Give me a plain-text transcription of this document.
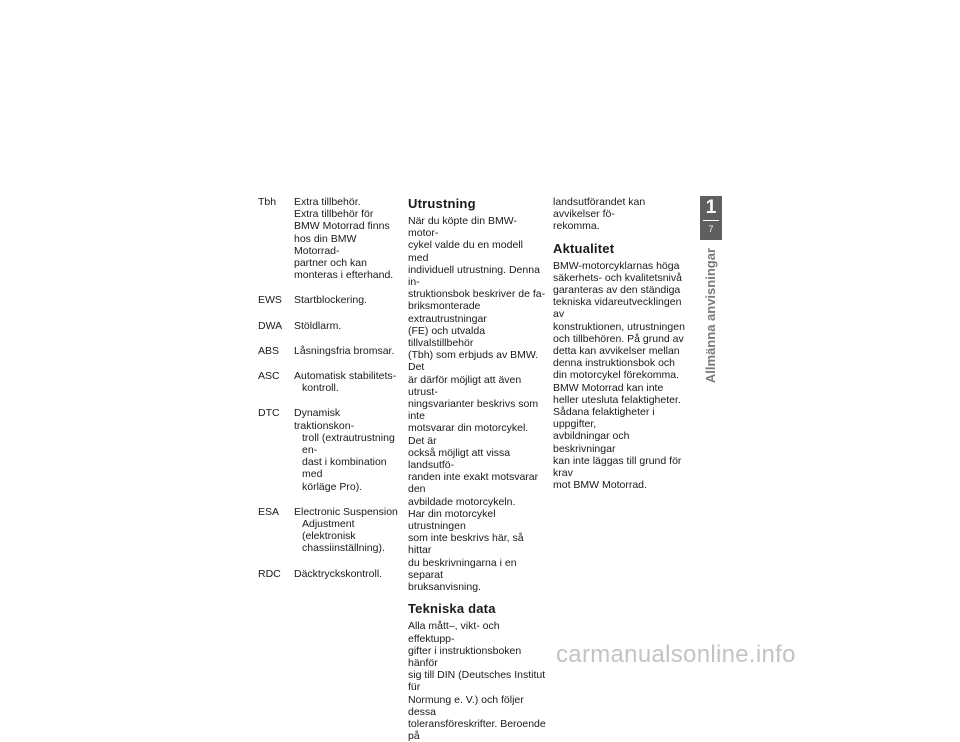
Tbh	Extra tillbehör.
Extra tillbehör för
BMW Motorrad finns
hos din BMW Motorrad-
partner och kan
monteras i efterhand.
EWS	Startblockering.
DWA	Stöldlarm.
ABS	Låsningsfria bromsar.
ASC	Automatisk stabilitets-
kontroll.
DTC	Dynamisk traktionskon-
troll (extrautrustning en-
dast i kombination med
körläge Pro).
ESA	Electronic Suspension
Adjustment (elektronisk
chassiinställning).
RDC	Däcktryckskontroll.
Utrustning

När du köpte din BMW-motor-
cykel valde du en modell med
individuell utrustning. Denna in-
struktionsbok beskriver de fa-
briksmonterade extrautrustningar
(FE) och utvalda tillvalstillbehör
(Tbh) som erbjuds av BMW. Det
är därför möjligt att även utrust-
ningsvarianter beskrivs som inte
motsvarar din motorcykel. Det är
också möjligt att vissa landsutfö-
randen inte exakt motsvarar den
avbildade motorcykeln.
Har din motorcykel utrustningen
som inte beskrivs här, så hittar
du beskrivningarna i en separat
bruksanvisning.

Tekniska data

Alla mått–, vikt- och effektupp-
gifter i instruktionsboken hänför
sig till DIN (Deutsches Institut für
Normung e. V.) och följer dessa
toleransföreskrifter. Beroende på

landsutförandet kan avvikelser fö-
rekomma.

Aktualitet

BMW-motorcyklarnas höga
säkerhets- och kvalitetsnivå
garanteras av den ständiga
tekniska vidareutvecklingen av
konstruktionen, utrustningen
och tillbehören. På grund av
detta kan avvikelser mellan
denna instruktionsbok och
din motorcykel förekomma.
BMW Motorrad kan inte
heller utesluta felaktigheter.
Sådana felaktigheter i uppgifter,
avbildningar och beskrivningar
kan inte läggas till grund för krav
mot BMW Motorrad.

1
7
Allmänna anvisningar
carmanualsonline.info
